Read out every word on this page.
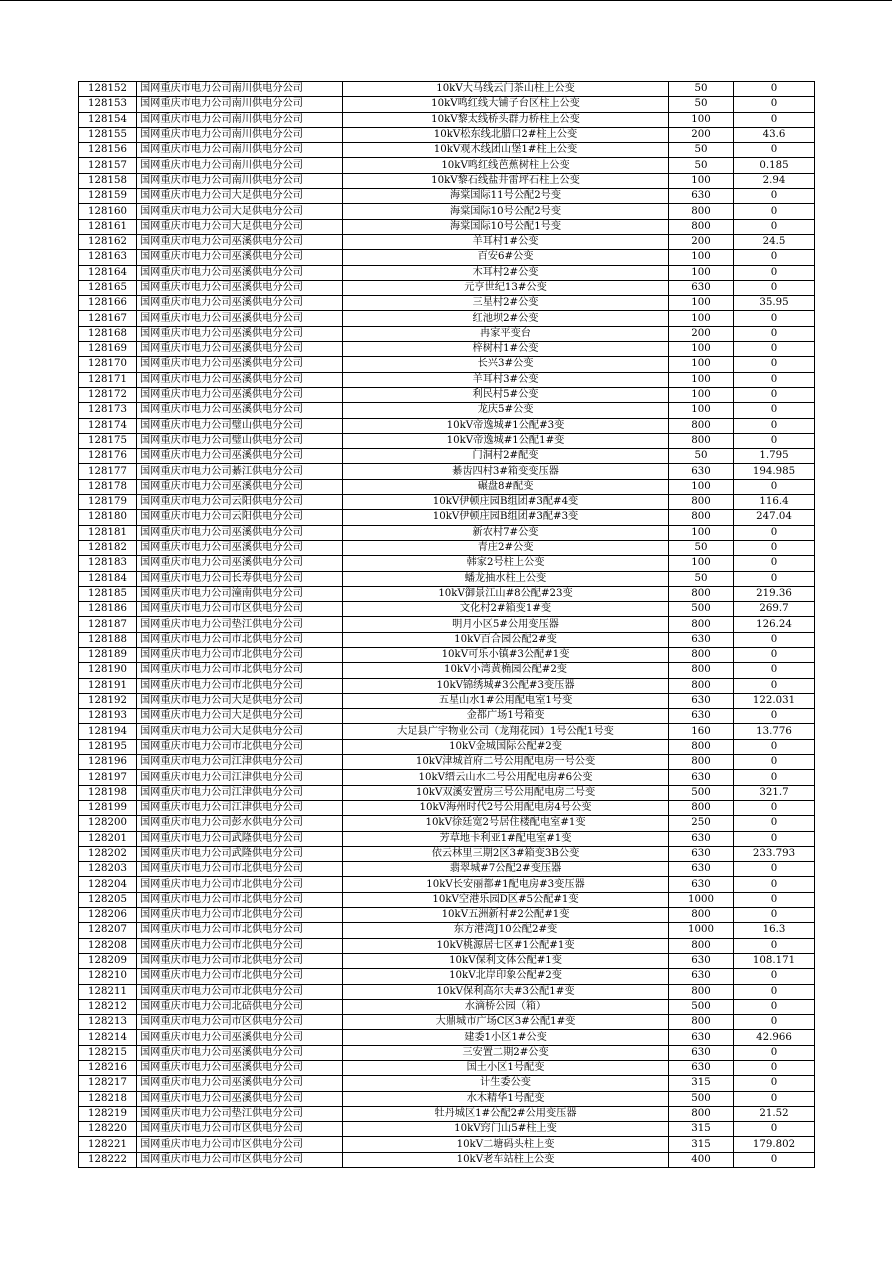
128152	国网重庆市电力公司南川供电分公司	10kV大马线云门茶山柱上公变	50	0
128153	国网重庆市电力公司南川供电分公司	10kV鸣红线大铺子台区柱上公变	50	0
128154	国网重庆市电力公司南川供电分公司	10kV黎太线桥头群力桥柱上公变	100	0
128155	国网重庆市电力公司南川供电分公司	10kV松东线北腊口2#柱上公变	200	43.6
128156	国网重庆市电力公司南川供电分公司	10kV观木线团山堡1#柱上公变	50	0
128157	国网重庆市电力公司南川供电分公司	10kV鸣红线芭蕉树柱上公变	50	0.185
128158	国网重庆市电力公司南川供电分公司	10kV黎石线盐井雷坪石柱上公变	100	2.94
128159	国网重庆市电力公司大足供电分公司	海棠国际11号公配2号变	630	0
128160	国网重庆市电力公司大足供电分公司	海棠国际10号公配2号变	800	0
128161	国网重庆市电力公司大足供电分公司	海棠国际10号公配1号变	800	0
128162	国网重庆市电力公司巫溪供电分公司	羊耳村1#公变	200	24.5
128163	国网重庆市电力公司巫溪供电分公司	百安6#公变	100	0
128164	国网重庆市电力公司巫溪供电分公司	木耳村2#公变	100	0
128165	国网重庆市电力公司巫溪供电分公司	元亨世纪13#公变	630	0
128166	国网重庆市电力公司巫溪供电分公司	三星村2#公变	100	35.95
128167	国网重庆市电力公司巫溪供电分公司	红池坝2#公变	100	0
128168	国网重庆市电力公司巫溪供电分公司	冉家平变台	200	0
128169	国网重庆市电力公司巫溪供电分公司	梓树村1#公变	100	0
128170	国网重庆市电力公司巫溪供电分公司	长兴3#公变	100	0
128171	国网重庆市电力公司巫溪供电分公司	羊耳村3#公变	100	0
128172	国网重庆市电力公司巫溪供电分公司	利民村5#公变	100	0
128173	国网重庆市电力公司巫溪供电分公司	龙庆5#公变	100	0
128174	国网重庆市电力公司璧山供电分公司	10kV帝逸城#1公配#3变	800	0
128175	国网重庆市电力公司璧山供电分公司	10kV帝逸城#1公配1#变	800	0
128176	国网重庆市电力公司巫溪供电分公司	门洞村2#配变	50	1.795
128177	国网重庆市电力公司綦江供电分公司	綦齿四村3#箱变变压器	630	194.985
128178	国网重庆市电力公司巫溪供电分公司	碾盘8#配变	100	0
128179	国网重庆市电力公司云阳供电分公司	10kV伊顿庄园B组团#3配#4变	800	116.4
128180	国网重庆市电力公司云阳供电分公司	10kV伊顿庄园B组团#3配#3变	800	247.04
128181	国网重庆市电力公司巫溪供电分公司	新农村7#公变	100	0
128182	国网重庆市电力公司巫溪供电分公司	青庄2#公变	50	0
128183	国网重庆市电力公司巫溪供电分公司	韩家2号柱上公变	100	0
128184	国网重庆市电力公司长寿供电分公司	蟠龙抽水柱上公变	50	0
128185	国网重庆市电力公司潼南供电分公司	10kV御景江山#8公配#23变	800	219.36
128186	国网重庆市电力公司市区供电分公司	文化村2#箱变1#变	500	269.7
128187	国网重庆市电力公司垫江供电分公司	明月小区5#公用变压器	800	126.24
128188	国网重庆市电力公司市北供电分公司	10kV百合园公配2#变	630	0
128189	国网重庆市电力公司市北供电分公司	10kV可乐小镇#3公配#1变	800	0
128190	国网重庆市电力公司市北供电分公司	10kV小湾黄桷园公配#2变	800	0
128191	国网重庆市电力公司市北供电分公司	10kV锦绣城#3公配#3变压器	800	0
128192	国网重庆市电力公司大足供电分公司	五星山水1#公用配电室1号变	630	122.031
128193	国网重庆市电力公司大足供电分公司	金都广场1号箱变	630	0
128194	国网重庆市电力公司大足供电分公司	大足县广宇物业公司（龙翔花园）1号公配1号变	160	13.776
128195	国网重庆市电力公司市北供电分公司	10kV金城国际公配#2变	800	0
128196	国网重庆市电力公司江津供电分公司	10kV津城首府二号公用配电房一号公变	800	0
128197	国网重庆市电力公司江津供电分公司	10kV缙云山水二号公用配电房#6公变	630	0
128198	国网重庆市电力公司江津供电分公司	10kV双溪安置房三号公用配电房二号变	500	321.7
128199	国网重庆市电力公司江津供电分公司	10kV海州时代2号公用配电房4号公变	800	0
128200	国网重庆市电力公司彭水供电分公司	10kV徐廷宽2号居住楼配电室#1变	250	0
128201	国网重庆市电力公司武隆供电分公司	芳草地卡利亚1#配电室#1变	630	0
128202	国网重庆市电力公司武隆供电分公司	依云林里三期2区3#箱变3B公变	630	233.793
128203	国网重庆市电力公司市北供电分公司	翡翠城#7公配2#变压器	630	0
128204	国网重庆市电力公司市北供电分公司	10kV长安丽都#1配电房#3变压器	630	0
128205	国网重庆市电力公司市北供电分公司	10kV空港乐园D区#5公配#1变	1000	0
128206	国网重庆市电力公司市北供电分公司	10kV五洲新村#2公配#1变	800	0
128207	国网重庆市电力公司市北供电分公司	东方港湾J10公配2#变	1000	16.3
128208	国网重庆市电力公司市北供电分公司	10kV桃源居七区#1公配#1变	800	0
128209	国网重庆市电力公司市北供电分公司	10kV保利文体公配#1变	630	108.171
128210	国网重庆市电力公司市北供电分公司	10kV北岸印象公配#2变	630	0
128211	国网重庆市电力公司市北供电分公司	10kV保利高尔夫#3公配1#变	800	0
128212	国网重庆市电力公司北碚供电分公司	水滴桥公园（箱）	500	0
128213	国网重庆市电力公司市区供电分公司	大鼎城市广场C区3#公配1#变	800	0
128214	国网重庆市电力公司巫溪供电分公司	建委1小区1#公变	630	42.966
128215	国网重庆市电力公司巫溪供电分公司	三安置二期2#公变	630	0
128216	国网重庆市电力公司巫溪供电分公司	国土小区1号配变	630	0
128217	国网重庆市电力公司巫溪供电分公司	计生委公变	315	0
128218	国网重庆市电力公司巫溪供电分公司	水木精华1号配变	500	0
128219	国网重庆市电力公司垫江供电分公司	牡丹城区1#公配2#公用变压器	800	21.52
128220	国网重庆市电力公司市区供电分公司	10kV窍门山5#柱上变	315	0
128221	国网重庆市电力公司市区供电分公司	10kV二塘码头柱上变	315	179.802
128222	国网重庆市电力公司市区供电分公司	10kV老车站柱上公变	400	0
